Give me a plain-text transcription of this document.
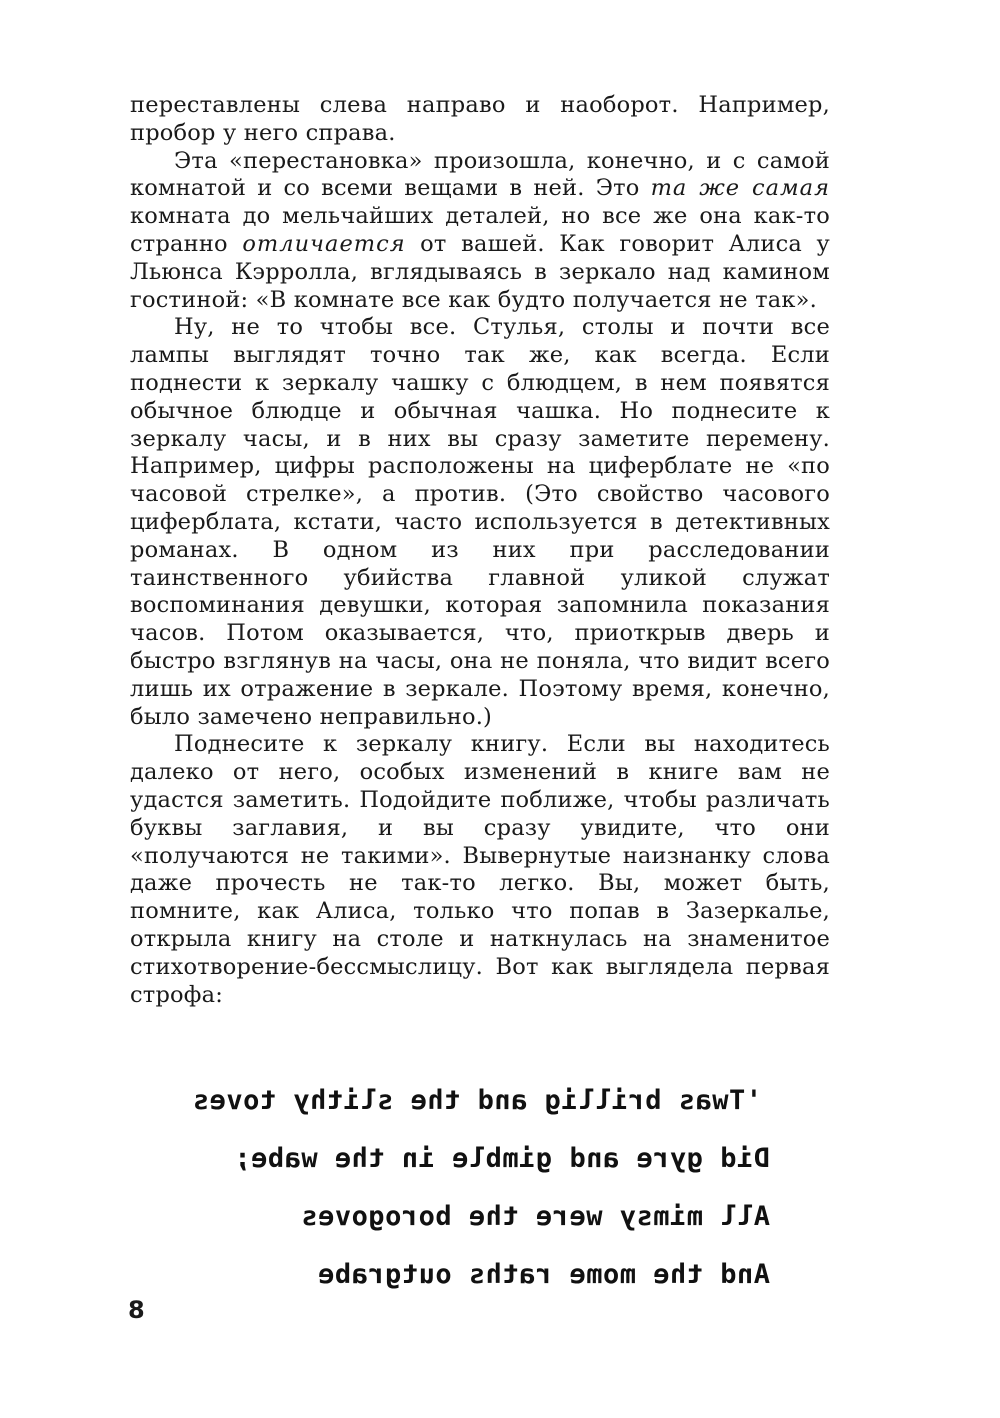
переставлены слева направо и наоборот. Например, пробор у него справа.

Эта «перестановка» произошла, конечно, и с самой комнатой и со всеми вещами в ней. Это та же самая комната до мельчайших деталей, но все же она как-то странно отличается от вашей. Как говорит Алиса у Льюнса Кэрролла, вглядываясь в зеркало над камином гостиной: «В комнате все как будто получается не так».

Ну, не то чтобы все. Стулья, столы и почти все лампы выглядят точно так же, как всегда. Если поднести к зеркалу чашку с блюдцем, в нем появятся обычное блюдце и обычная чашка. Но поднесите к зеркалу часы, и в них вы сразу заметите перемену. Например, цифры расположены на циферблате не «по часовой стрелке», а против. (Это свойство часового циферблата, кстати, часто используется в детективных романах. В одном из них при расследовании таинственного убийства главной уликой служат воспоминания девушки, которая запомнила показания часов. Потом оказывается, что, приоткрыв дверь и быстро взглянув на часы, она не поняла, что видит всего лишь их отражение в зеркале. Поэтому время, конечно, было замечено неправильно.)

Поднесите к зеркалу книгу. Если вы находитесь далеко от него, особых изменений в книге вам не удастся заметить. Подойдите поближе, чтобы различать буквы заглавия, и вы сразу увидите, что они «получаются не такими». Вывернутые наизнанку слова даже прочесть не так-то легко. Вы, может быть, помните, как Алиса, только что попав в Зазеркалье, открыла книгу на столе и наткнулась на знаменитое стихотворение-бессмыслицу. Вот как выглядела первая строфа:

'Twas brillig and the slithy toves
Did gyre and gimble in the wabe;
All mimsy were the borogoves
And the mome raths outgrabe
8
